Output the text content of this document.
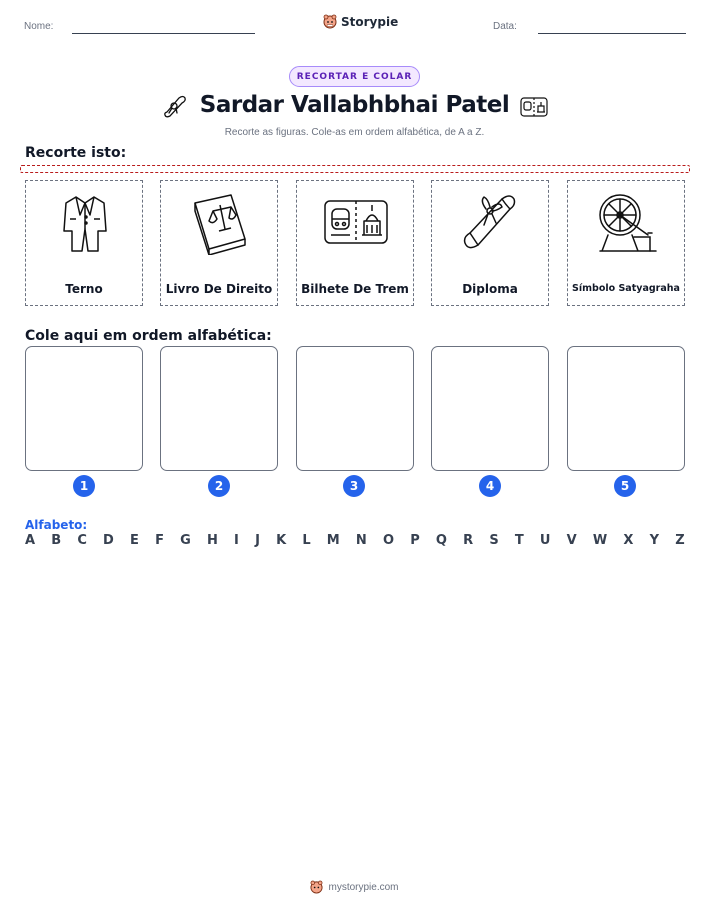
Nome:	Storypie	Data:
RECORTAR E COLAR
Sardar Vallabhbhai Patel
Recorte as figuras. Cole-as em ordem alfabética, de A a Z.
Recorte isto:
Terno	Livro De Direito	Bilhete De Trem	Diploma	Símbolo Satyagraha
Cole aqui em ordem alfabética:
1	2	3	4	5
Alfabeto:
A B C D E F G H I J K L M N O P Q R S T U V W X Y Z
mystorypie.com
